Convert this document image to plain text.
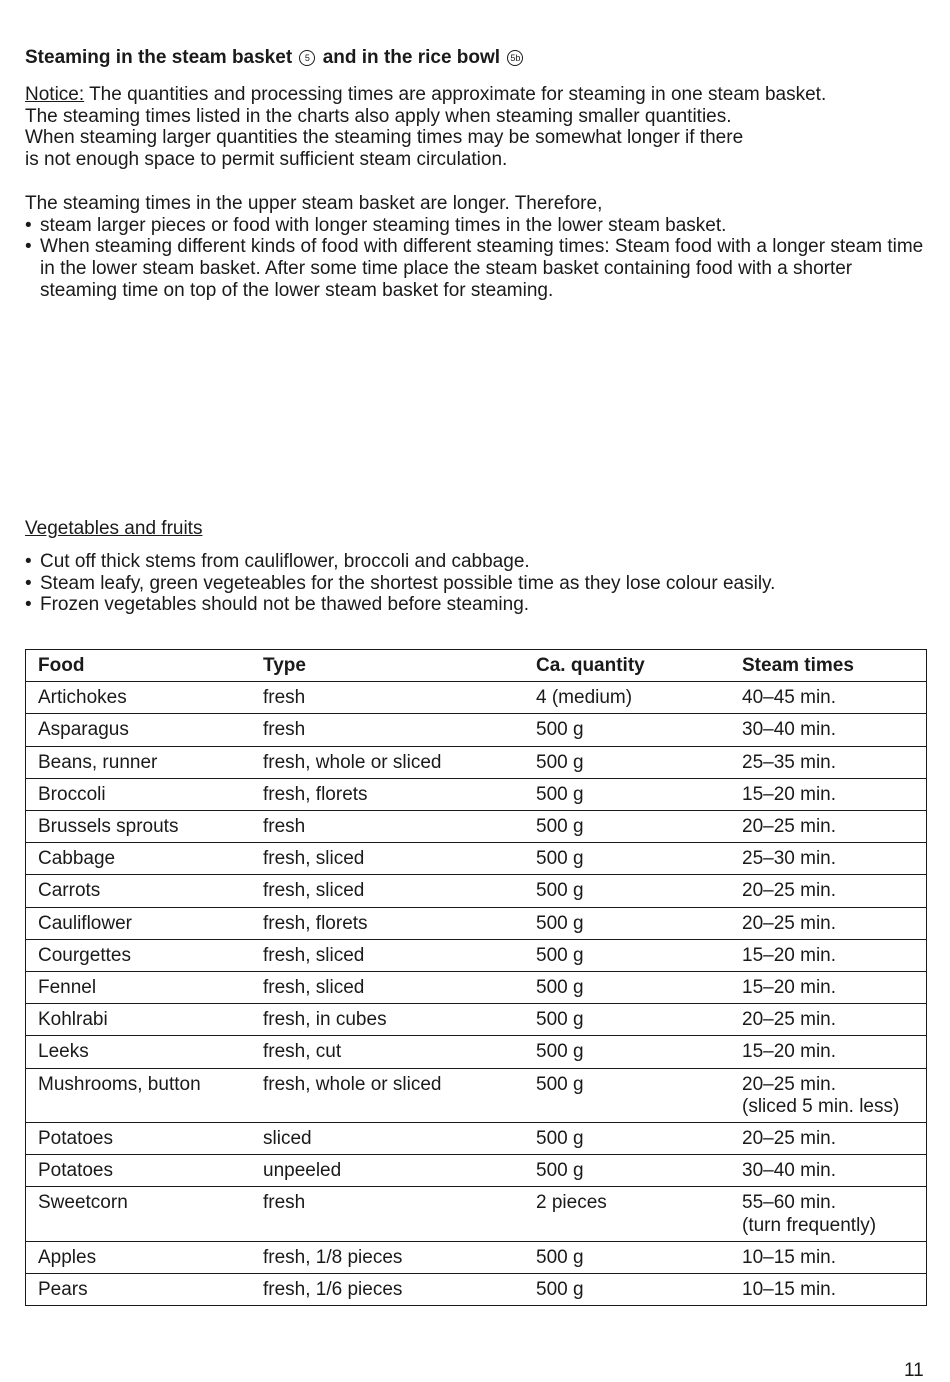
Steaming in the steam basket 5 and in the rice bowl 5b

Notice: The quantities and processing times are approximate for steaming in one steam basket.
The steaming times listed in the charts also apply when steaming smaller quantities.
When steaming larger quantities the steaming times may be somewhat longer if there
is not enough space to permit sufficient steam circulation.

The steaming times in the upper steam basket are longer. Therefore,

• steam larger pieces or food with longer steaming times in the lower steam basket.
• When steaming different kinds of food with different steaming times: Steam food with a longer steam time in the lower steam basket. After some time place the steam basket containing food with a shorter steaming time on top of the lower steam basket for steaming.

Vegetables and fruits

• Cut off thick stems from cauliflower, broccoli and cabbage.
• Steam leafy, green vegeteables for the shortest possible time as they lose colour easily.
• Frozen vegetables should not be thawed before steaming.
Food	Type	Ca. quantity	Steam times
Artichokes	fresh	4 (medium)	40–45 min.
Asparagus	fresh	500 g	30–40 min.
Beans, runner	fresh, whole or sliced	500 g	25–35 min.
Broccoli	fresh, florets	500 g	15–20 min.
Brussels sprouts	fresh	500 g	20–25 min.
Cabbage	fresh, sliced	500 g	25–30 min.
Carrots	fresh, sliced	500 g	20–25 min.
Cauliflower	fresh, florets	500 g	20–25 min.
Courgettes	fresh, sliced	500 g	15–20 min.
Fennel	fresh, sliced	500 g	15–20 min.
Kohlrabi	fresh, in cubes	500 g	20–25 min.
Leeks	fresh, cut	500 g	15–20 min.
Mushrooms, button	fresh, whole or sliced	500 g	20–25 min.
(sliced 5 min. less)
Potatoes	sliced	500 g	20–25 min.
Potatoes	unpeeled	500 g	30–40 min.
Sweetcorn	fresh	2 pieces	55–60 min.
(turn frequently)
Apples	fresh, 1/8 pieces	500 g	10–15 min.
Pears	fresh, 1/6 pieces	500 g	10–15 min.
11
